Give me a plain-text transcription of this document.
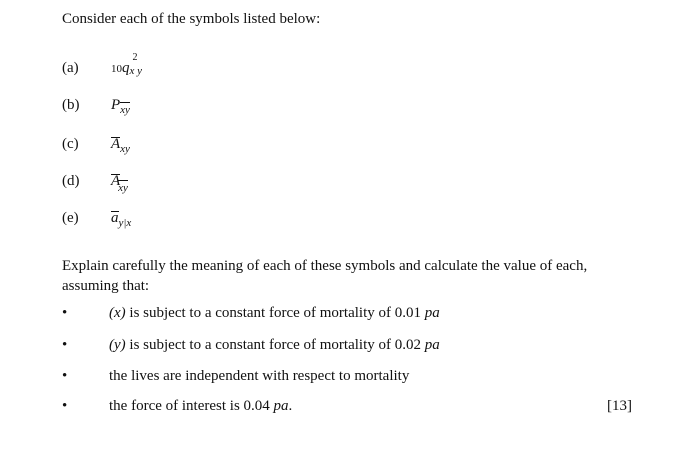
Consider each of the symbols listed below:
(a)	10q
2
x y
(b)	$P_{xy}$
(c)	$A_{xy}$
(d)	$A_{xy}$
(e)	$a_{y|x}$
Explain carefully the meaning of each of these symbols and calculate the value of each, assuming that:
•	(x) is subject to a constant force of mortality of 0.01 pa
•	(y) is subject to a constant force of mortality of 0.02 pa
•	the lives are independent with respect to mortality
•	the force of interest is 0.04 pa.	[13]
